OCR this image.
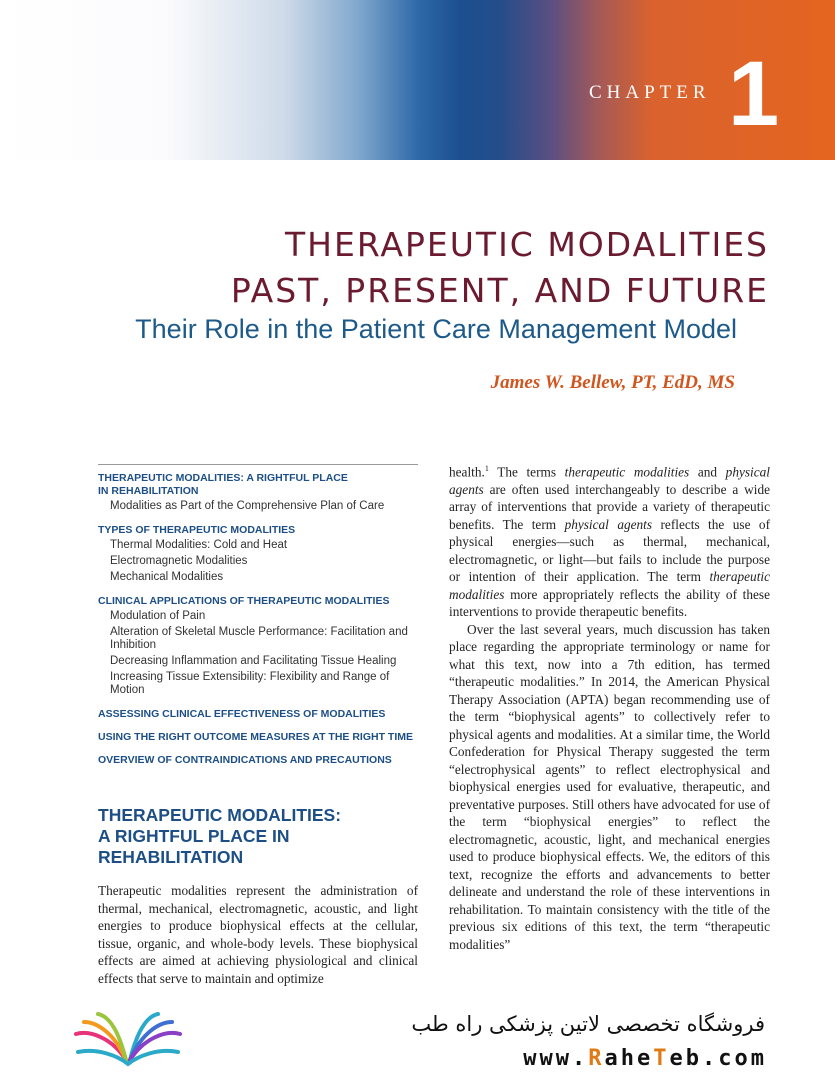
CHAPTER 1
THERAPEUTIC MODALITIES
PAST, PRESENT, AND FUTURE
Their Role in the Patient Care Management Model
James W. Bellew, PT, EdD, MS
THERAPEUTIC MODALITIES: A RIGHTFUL PLACE
IN REHABILITATION
Modalities as Part of the Comprehensive Plan of Care
TYPES OF THERAPEUTIC MODALITIES
Thermal Modalities: Cold and Heat
Electromagnetic Modalities
Mechanical Modalities
CLINICAL APPLICATIONS OF THERAPEUTIC MODALITIES
Modulation of Pain
Alteration of Skeletal Muscle Performance: Facilitation and Inhibition
Decreasing Inflammation and Facilitating Tissue Healing
Increasing Tissue Extensibility: Flexibility and Range of Motion
ASSESSING CLINICAL EFFECTIVENESS OF MODALITIES
USING THE RIGHT OUTCOME MEASURES AT THE RIGHT TIME
OVERVIEW OF CONTRAINDICATIONS AND PRECAUTIONS
THERAPEUTIC MODALITIES:
A RIGHTFUL PLACE IN
REHABILITATION

Therapeutic modalities represent the administration of thermal, mechanical, electromagnetic, acoustic, and light energies to produce biophysical effects at the cellular, tissue, organic, and whole-body levels. These biophysical effects are aimed at achieving physiological and clinical effects that serve to maintain and optimize

health.$^1$ The terms therapeutic modalities and physical agents are often used interchangeably to describe a wide array of interventions that provide a variety of therapeutic benefits. The term physical agents reflects the use of physical energies—such as thermal, mechanical, electromagnetic, or light—but fails to include the purpose or intention of their application. The term therapeutic modalities more appropriately reflects the ability of these interventions to provide therapeutic benefits.

Over the last several years, much discussion has taken place regarding the appropriate terminology or name for what this text, now into a 7th edition, has termed “therapeutic modalities.” In 2014, the American Physical Therapy Association (APTA) began recommending use of the term “biophysical agents” to collectively refer to physical agents and modalities. At a similar time, the World Confederation for Physical Therapy suggested the term “electrophysical agents” to reflect electrophysical and biophysical energies used for evaluative, therapeutic, and preventative purposes. Still others have advocated for use of the term “biophysical energies” to reflect the electromagnetic, acoustic, light, and mechanical energies used to produce biophysical effects. We, the editors of this text, recognize the efforts and advancements to better delineate and understand the role of these interventions in rehabilitation. To maintain consistency with the title of the previous six editions of this text, the term “therapeutic modalities”

فروشگاه تخصصی لاتین پزشکی راه طب
www.RaheTeb.com
